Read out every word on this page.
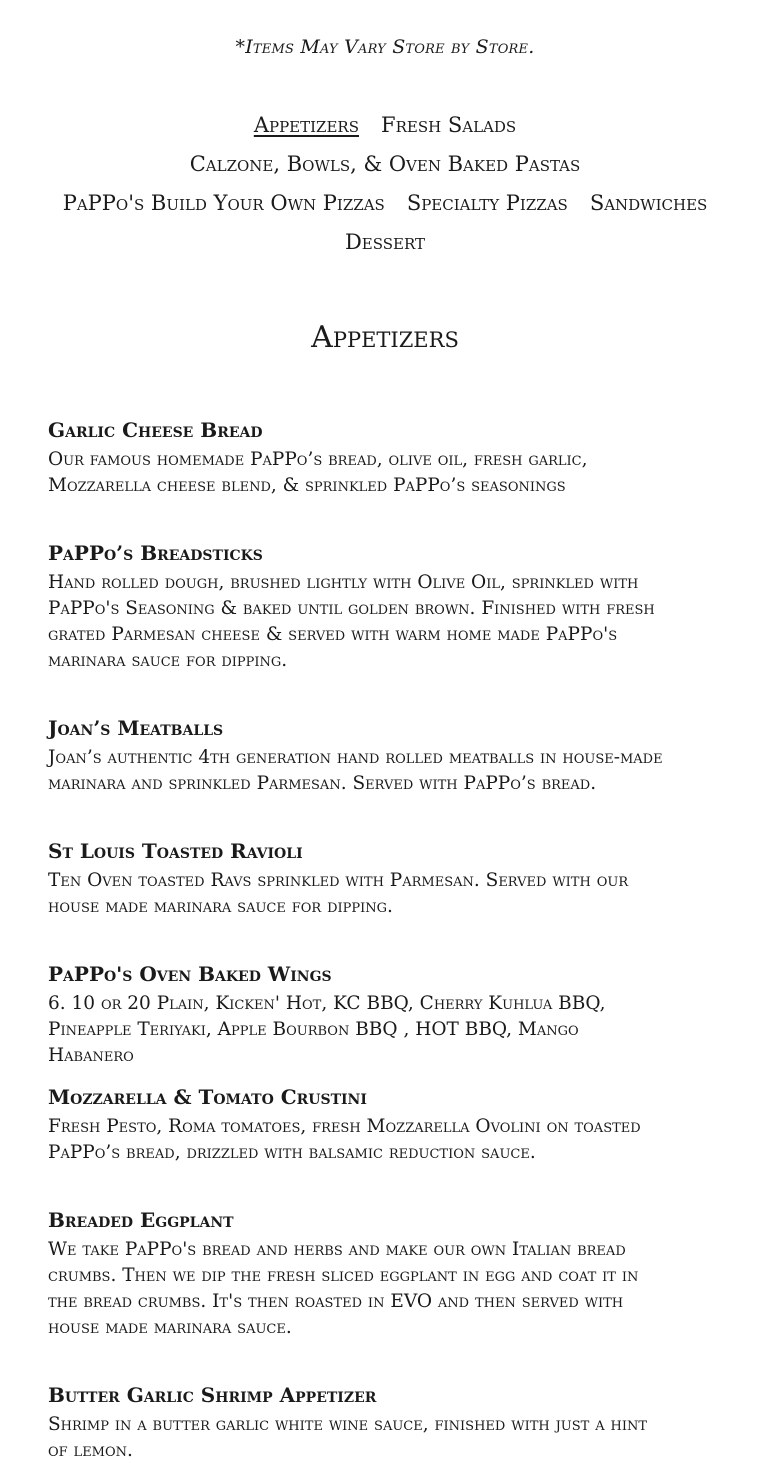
*Items May Vary Store by Store.
Appetizers Fresh Salads
Calzone, Bowls, & Oven Baked Pastas
PaPPo's Build Your Own Pizzas Specialty Pizzas Sandwiches
Dessert
Appetizers
Garlic Cheese Bread

Our famous homemade PaPPo’s bread, olive oil, fresh garlic, Mozzarella cheese blend, & sprinkled PaPPo’s seasonings

PaPPo’s Breadsticks

Hand rolled dough, brushed lightly with Olive Oil, sprinkled with PaPPo's Seasoning & baked until golden brown. Finished with fresh grated Parmesan cheese & served with warm home made PaPPo's marinara sauce for dipping.

Joan’s Meatballs

Joan’s authentic 4th generation hand rolled meatballs in house-made marinara and sprinkled Parmesan. Served with PaPPo’s bread.

St Louis Toasted Ravioli

Ten Oven toasted Ravs sprinkled with Parmesan. Served with our house made marinara sauce for dipping.

PaPPo's Oven Baked Wings

6. 10 or 20 Plain, Kicken' Hot, KC BBQ, Cherry Kuhlua BBQ, Pineapple Teriyaki, Apple Bourbon BBQ , HOT BBQ, Mango Habanero

Mozzarella & Tomato Crustini

Fresh Pesto, Roma tomatoes, fresh Mozzarella Ovolini on toasted PaPPo’s bread, drizzled with balsamic reduction sauce.

Breaded Eggplant

We take PaPPo's bread and herbs and make our own Italian bread crumbs. Then we dip the fresh sliced eggplant in egg and coat it in the bread crumbs. It's then roasted in EVO and then served with house made marinara sauce.

Butter Garlic Shrimp Appetizer

Shrimp in a butter garlic white wine sauce, finished with just a hint of lemon.
